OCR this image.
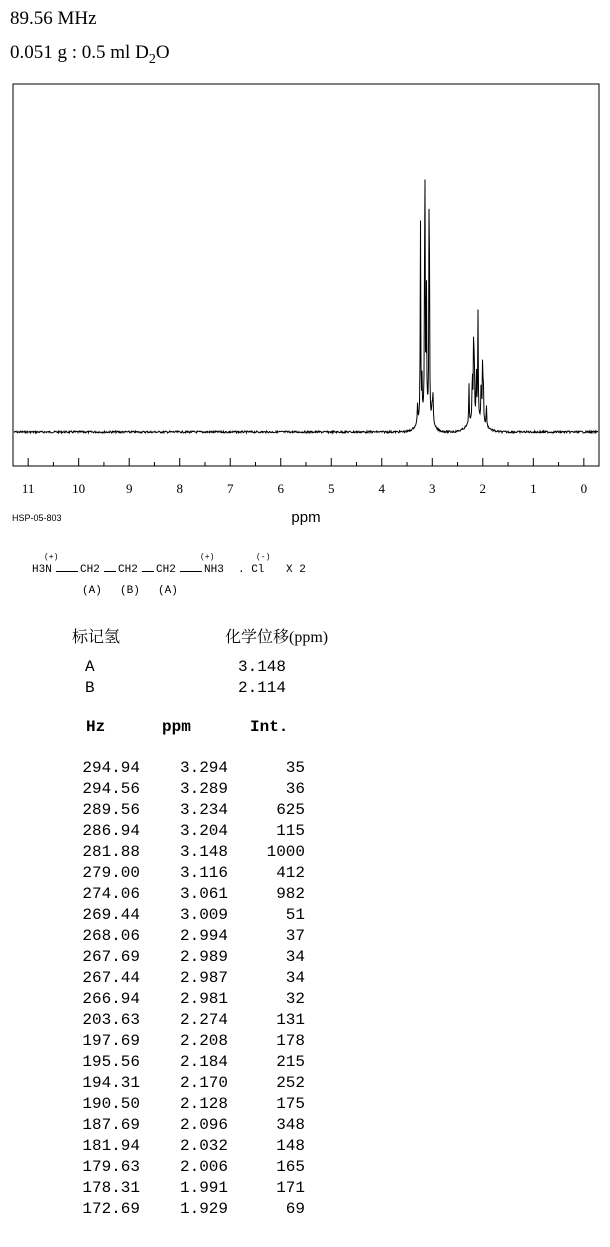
89.56 MHz
0.051 g : 0.5 ml $D_2O$
11	10	9	8	7	6	5	4	3	2	1	0
ppm
HSP-05-803
(+)
H3N	CH2 CH2 CH2
(+)
NH3
(-)
. Cl X 2
(A) (B) (A)
标记氢	化学位移(ppm)
A	3.148
B	2.114
Hz	ppm	Int.
294.94	3.294	35
294.56	3.289	36
289.56	3.234	625
286.94	3.204	115
281.88	3.148	1000
279.00	3.116	412
274.06	3.061	982
269.44	3.009	51
268.06	2.994	37
267.69	2.989	34
267.44	2.987	34
266.94	2.981	32
203.63	2.274	131
197.69	2.208	178
195.56	2.184	215
194.31	2.170	252
190.50	2.128	175
187.69	2.096	348
181.94	2.032	148
179.63	2.006	165
178.31	1.991	171
172.69	1.929	69
